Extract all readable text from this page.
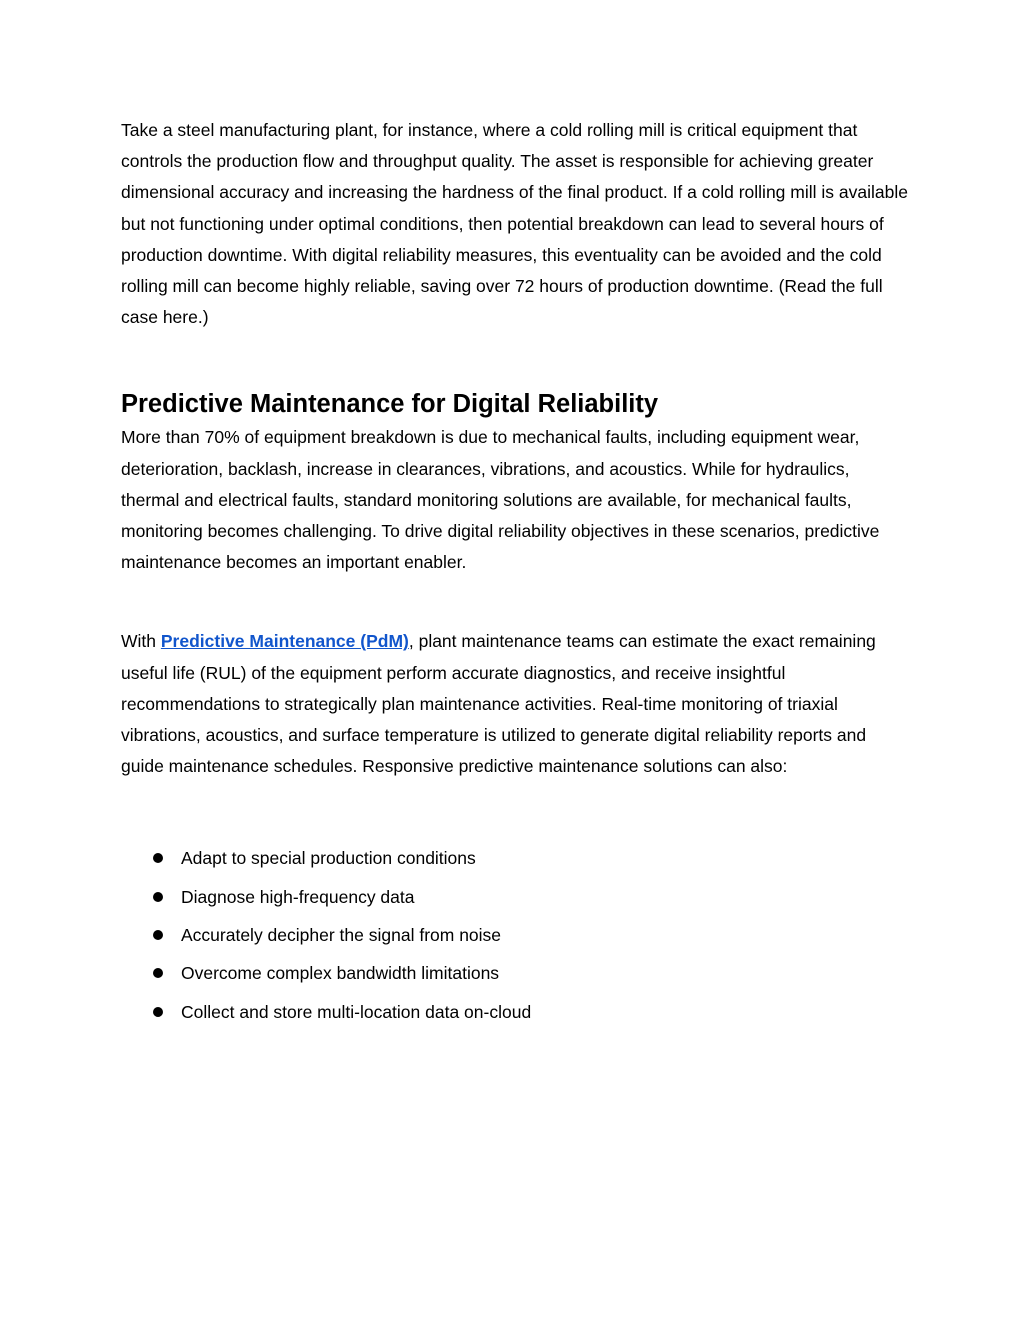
Take a steel manufacturing plant, for instance, where a cold rolling mill is critical equipment that controls the production flow and throughput quality. The asset is responsible for achieving greater dimensional accuracy and increasing the hardness of the final product. If a cold rolling mill is available but not functioning under optimal conditions, then potential breakdown can lead to several hours of production downtime. With digital reliability measures, this eventuality can be avoided and the cold rolling mill can become highly reliable, saving over 72 hours of production downtime. (Read the full case here.)

Predictive Maintenance for Digital Reliability

More than 70% of equipment breakdown is due to mechanical faults, including equipment wear, deterioration, backlash, increase in clearances, vibrations, and acoustics. While for hydraulics, thermal and electrical faults, standard monitoring solutions are available, for mechanical faults, monitoring becomes challenging. To drive digital reliability objectives in these scenarios, predictive maintenance becomes an important enabler.

With Predictive Maintenance (PdM), plant maintenance teams can estimate the exact remaining useful life (RUL) of the equipment perform accurate diagnostics, and receive insightful recommendations to strategically plan maintenance activities. Real-time monitoring of triaxial vibrations, acoustics, and surface temperature is utilized to generate digital reliability reports and guide maintenance schedules. Responsive predictive maintenance solutions can also:

Adapt to special production conditions
Diagnose high-frequency data
Accurately decipher the signal from noise
Overcome complex bandwidth limitations
Collect and store multi-location data on-cloud
